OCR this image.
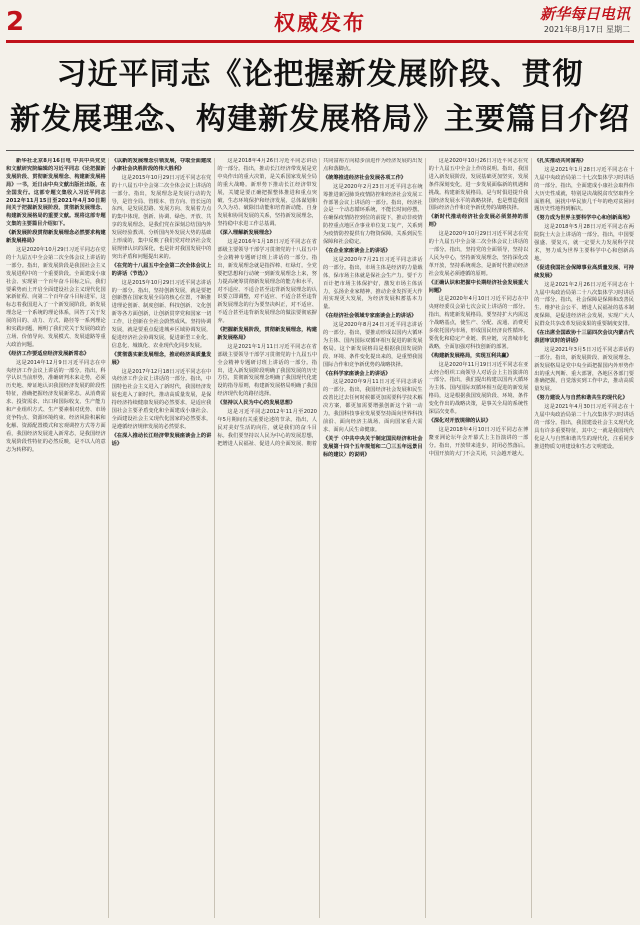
2	权威发布	新华每日电讯
2021年8月17日 星期二
习近平同志《论把握新发展阶段、贯彻
新发展理念、构建新发展格局》主要篇目介绍

新华社北京8月16日电 中共中央党史和文献研究院编辑的习近平同志《论把握新发展阶段、贯彻新发展理念、构建新发展格局》一书，近日由中央文献出版社出版，在全国发行。这部专题文集收入习近平同志2012年11月15日至2021年4月30日期间关于把握新发展阶段、贯彻新发展理念、构建新发展格局的重要文献。现将这部专题文集的主要篇目介绍如下。

《新发展阶段贯彻新发展理念必然要求构建新发展格局》

这是2020年10月29日习近平同志在党的十九届五中全会第二次全体会议上讲话的一部分。指出，新发展阶段是我国社会主义发展进程中的一个重要阶段。全面建成小康社会、实现第一个百年奋斗目标之后，我们要乘势而上开启全面建设社会主义现代化国家新征程、向第二个百年奋斗目标进军，这标志着我国进入了一个新发展阶段。新发展理念是一个系统的理论体系，回答了关于发展的目的、动力、方式、路径等一系列理论和实践问题，阐明了我们党关于发展的政治立场、价值导向、发展模式、发展道路等重大政治问题。

《经济工作要适应经济发展新常态》

这是2014年12月9日习近平同志在中央经济工作会议上讲话的一部分。指出，科学认识当前形势，准确研判未来走势，必须历史地、辩证地认识我国经济发展的阶段性特征，准确把握经济发展新常态。从消费需求、投资需求、出口和国际收支、生产能力和产业组织方式、生产要素相对优势、市场竞争特点、资源环境约束、经济风险积累和化解、资源配置模式和宏观调控方式等方面看，我国经济发展进入新常态，是我国经济发展阶段性特征的必然反映，是不以人的意志为转移的。

《以新的发展理念引领发展，夺取全面建成小康社会决胜阶段的伟大胜利》

这是2015年10月29日习近平同志在党的十八届五中全会第二次全体会议上讲话的一部分。指出，发展理念是发展行动的先导，是管全局、管根本、管方向、管长远的东西，是发展思路、发展方向、发展着力点的集中体现。创新、协调、绿色、开放、共享的发展理念，是我们党在深刻总结国内外发展经验教训、分析国内外发展大势的基础上形成的，集中反映了我们党对经济社会发展规律认识的深化，也是针对我国发展中的突出矛盾和问题提出来的。

《在党的十八届五中全会第二次全体会议上的讲话（节选）》

这是2015年10月29日习近平同志讲话的一部分。指出，坚持创新发展，就是要把创新摆在国家发展全局的核心位置，不断推进理论创新、制度创新、科技创新、文化创新等各方面创新，让创新贯穿党和国家一切工作，让创新在全社会蔚然成风。坚持协调发展，就是要重点促进城乡区域协调发展，促进经济社会协调发展，促进新型工业化、信息化、城镇化、农业现代化同步发展。

《贯彻落实新发展理念，推动经济高质量发展》

这是2017年12月18日习近平同志在中央经济工作会议上讲话的一部分。指出，中国特色社会主义进入了新时代，我国经济发展也进入了新时代。推动高质量发展，是保持经济持续健康发展的必然要求，是适应我国社会主要矛盾变化和全面建成小康社会、全面建设社会主义现代化国家的必然要求，是遵循经济规律发展的必然要求。

《在深入推动长江经济带发展座谈会上的讲话》

这是2018年4月26日习近平同志讲话的一部分。指出，推动长江经济带发展是党中央作出的重大决策，是关系国家发展全局的重大战略。新形势下推动长江经济带发展，关键是要正确把握整体推进和重点突破、生态环境保护和经济发展、总体谋划和久久为功、破除旧动能和培育新动能、自身发展和协同发展的关系，坚持新发展理念，坚持稳中求进工作总基调。

《深入理解新发展理念》

这是2016年1月18日习近平同志在省部级主要领导干部学习贯彻党的十八届五中全会精神专题研讨班上讲话的一部分。指出，新发展理念就是指挥棒、红绿灯。全党要把思想和行动统一到新发展理念上来，努力提高统筹贯彻新发展理念的能力和水平，对不适应、不适合甚至违背新发展理念的认识要立即调整，对不适应、不适合甚至违背新发展理念的行为要坚决纠正，对不适应、不适合甚至违背新发展理念的做法要彻底摒弃。

《把握新发展阶段，贯彻新发展理念，构建新发展格局》

这是2021年1月11日习近平同志在省部级主要领导干部学习贯彻党的十九届五中全会精神专题研讨班上讲话的一部分。指出，进入新发展阶段明确了我国发展的历史方位，贯彻新发展理念明确了我国现代化建设的指导原则，构建新发展格局明确了我国经济现代化的路径选择。

《坚持以人民为中心的发展思想》

这是习近平同志2012年11月至2020年5月期间有关重要论述的节录。指出，人民对美好生活的向往，就是我们的奋斗目标。我们要坚持以人民为中心的发展思想，把增进人民福祉、促进人的全面发展、朝着共同富裕方向稳步前进作为经济发展的出发点和落脚点。

《统筹推进经济社会发展各项工作》

这是2020年2月23日习近平同志在统筹推进新冠肺炎疫情防控和经济社会发展工作部署会议上讲话的一部分。指出，经济社会是一个动态循环系统，不能长时间停摆。在确保疫情防控到位的前提下，推动非疫情防控重点地区企事业单位复工复产，关系到为疫情防控提供有力物资保障，关系到民生保障和社会稳定。

《在企业家座谈会上的讲话》

这是2020年7月21日习近平同志讲话的一部分。指出，市场主体是经济的力量载体，保市场主体就是保社会生产力。要千方百计把市场主体保护好，激发市场主体活力，弘扬企业家精神，推动企业发挥更大作用实现更大发展，为经济发展积蓄基本力量。

《在经济社会领域专家座谈会上的讲话》

这是2020年8月24日习近平同志讲话的一部分。指出，要推动形成以国内大循环为主体、国内国际双循环相互促进的新发展格局。这个新发展格局是根据我国发展阶段、环境、条件变化提出来的，是重塑我国国际合作和竞争新优势的战略抉择。

《在科学家座谈会上的讲话》

这是2020年9月11日习近平同志讲话的一部分。指出，我国经济社会发展和民生改善比过去任何时候都更加需要科学技术解决方案，都更加需要增强创新这个第一动力。我国科技事业发展要坚持面向世界科技前沿、面向经济主战场、面向国家重大需求、面向人民生命健康。

《关于〈中共中央关于制定国民经济和社会发展第十四个五年规划和二〇三五年远景目标的建议〉的说明》

这是2020年10月26日习近平同志在党的十九届五中全会上作的说明。指出，我国进入新发展阶段，发展基础更加坚实，发展条件深刻变化，进一步发展面临新的机遇和挑战。构建新发展格局，是与时俱进提升我国经济发展水平的战略抉择，也是塑造我国国际经济合作和竞争新优势的战略抉择。

《新时代推动经济社会发展必须坚持的原则》

这是2020年10月29日习近平同志在党的十九届五中全会第二次全体会议上讲话的一部分。指出，坚持党的全面领导，坚持以人民为中心，坚持新发展理念，坚持深化改革开放，坚持系统观念，是新时代推动经济社会发展必须遵循的原则。

《正确认识和把握中长期经济社会发展重大问题》

这是2020年4月10日习近平同志在中央财经委员会第七次会议上讲话的一部分。指出，构建新发展格局，要坚持扩大内需这个战略基点，使生产、分配、流通、消费更多依托国内市场，形成国民经济良性循环。要优化和稳定产业链、供应链，完善城市化战略，全面加强对科技创新的部署。

《构建新发展格局，实现互利共赢》

这是2020年11月19日习近平同志在亚太经合组织工商领导人对话会上主旨演讲的一部分。指出，我们提出构建以国内大循环为主体、国内国际双循环相互促进的新发展格局，这是根据我国发展阶段、环境、条件变化作出的战略决策，是事关全局的系统性深层次变革。

《深化对开放规律的认识》

这是2018年4月10日习近平同志在博鳌亚洲论坛年会开幕式上主旨演讲的一部分。指出，开放带来进步，封闭必然落后。中国开放的大门不会关闭，只会越开越大。

《扎实推动共同富裕》

这是2021年1月28日习近平同志在十九届中央政治局第二十七次集体学习时讲话的一部分。指出，全面建成小康社会取得伟大历史性成就，特别是决战脱贫攻坚取得全面胜利，困扰中华民族几千年的绝对贫困问题历史性地得到解决。

《努力成为世界主要科学中心和创新高地》

这是2018年5月28日习近平同志在两院院士大会上讲话的一部分。指出，中国要强盛、要复兴，就一定要大力发展科学技术，努力成为世界主要科学中心和创新高地。

《促进我国社会保障事业高质量发展、可持续发展》

这是2021年2月26日习近平同志在十九届中央政治局第二十八次集体学习时讲话的一部分。指出，社会保障是保障和改善民生、维护社会公平、增进人民福祉的基本制度保障，是促进经济社会发展、实现广大人民群众共享改革发展成果的重要制度安排。

《在出席全国政协十三届四次会议内蒙古代表团审议时的讲话》

这是2021年3月5日习近平同志讲话的一部分。指出，新发展阶段、新发展理念、新发展格局是党中央全面把握国内外形势作出的重大判断、重大部署，各地区各部门要准确把握，自觉落实到工作中去，推动高质量发展。

《努力建设人与自然和谐共生的现代化》

这是2021年4月30日习近平同志在十九届中央政治局第二十九次集体学习时讲话的一部分。指出，我国建设社会主义现代化具有许多重要特征，其中之一就是我国现代化是人与自然和谐共生的现代化，注重同步推进物质文明建设和生态文明建设。
